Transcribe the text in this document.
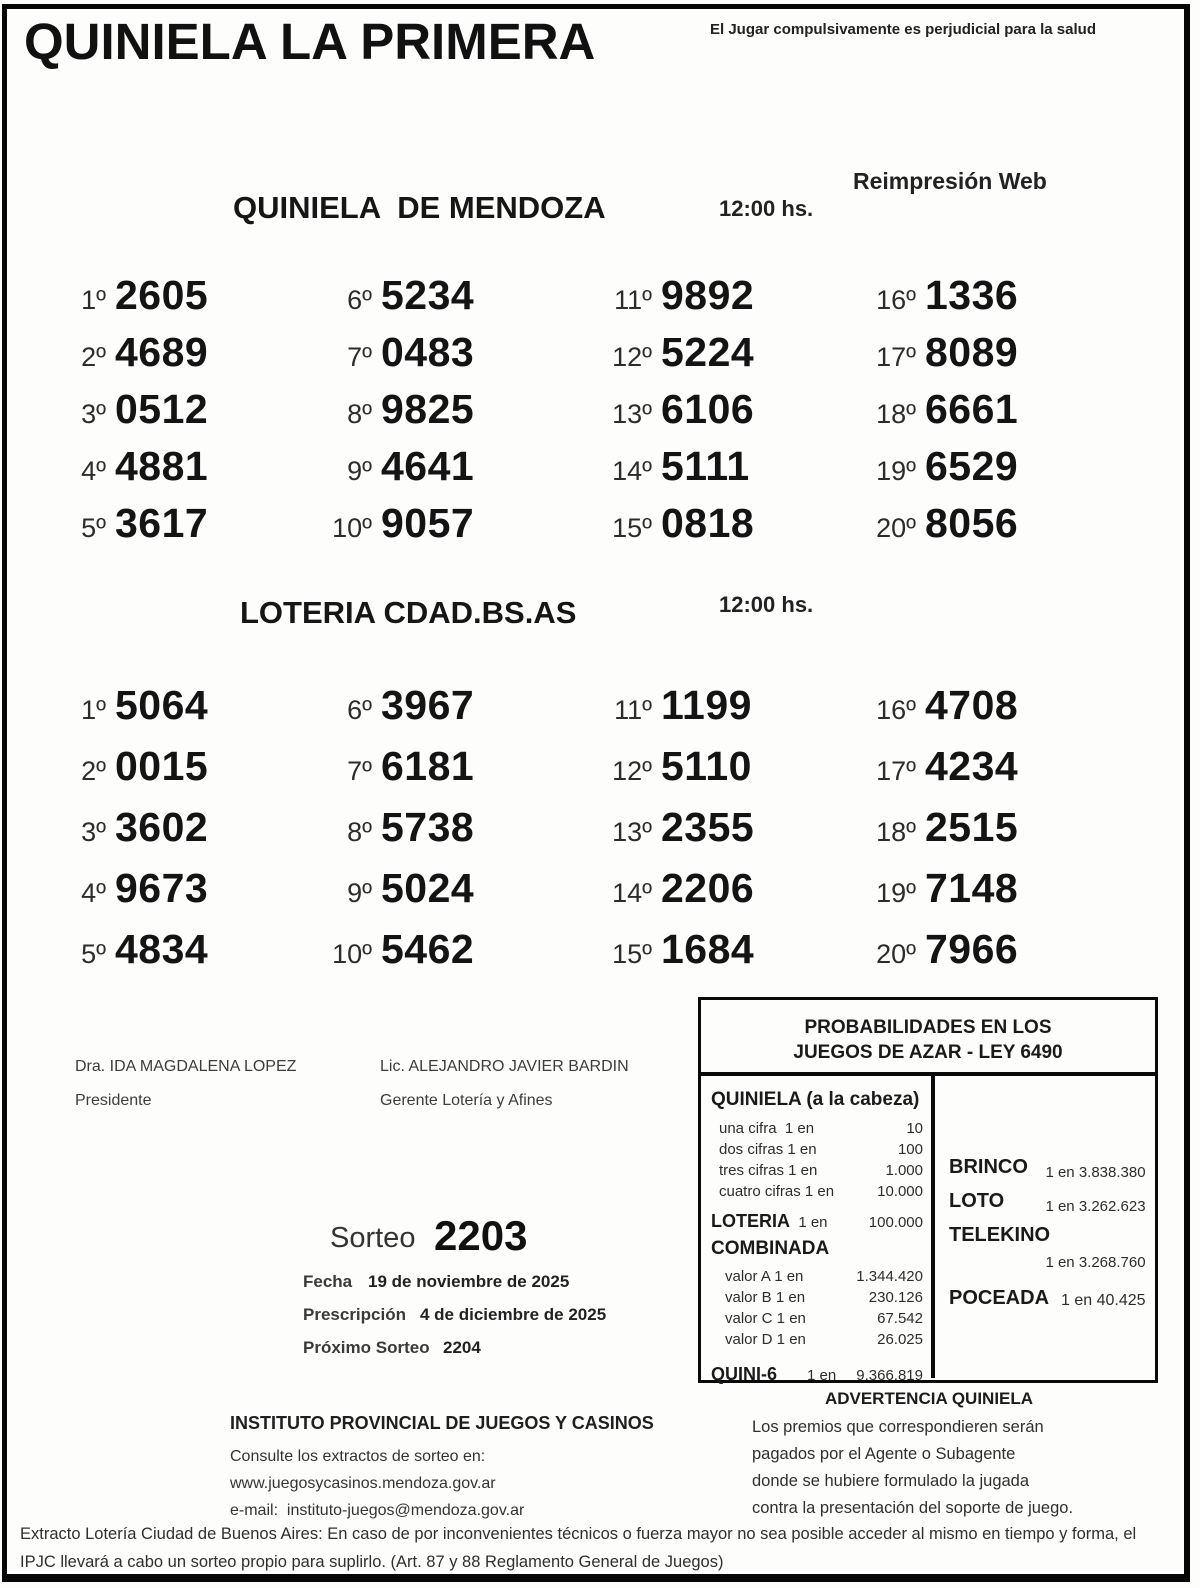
QUINIELA LA PRIMERA	El Jugar compulsivamente es perjudicial para la salud
Reimpresión Web
QUINIELA  DE MENDOZA	12:00 hs.
1º 2605
2º 4689
3º 0512
4º 4881
5º 3617
6º 5234
7º 0483
8º 9825
9º 4641
10º 9057
11º 9892
12º 5224
13º 6106
14º 5111
15º 0818
16º 1336
17º 8089
18º 6661
19º 6529
20º 8056
LOTERIA CDAD.BS.AS	12:00 hs.
1º 5064
2º 0015
3º 3602
4º 9673
5º 4834
6º 3967
7º 6181
8º 5738
9º 5024
10º 5462
11º 1199
12º 5110
13º 2355
14º 2206
15º 1684
16º 4708
17º 4234
18º 2515
19º 7148
20º 7966
Dra. IDA MAGDALENA LOPEZ
Presidente
Lic. ALEJANDRO JAVIER BARDIN
Gerente Lotería y Afines
Sorteo 2203
Fecha 19 de noviembre de 2025
Prescripción 4 de diciembre de 2025
Próximo Sorteo 2204
PROBABILIDADES EN LOS
JUEGOS DE AZAR - LEY 6490
QUINIELA (a la cabeza)
una cifra  1 en	10
dos cifras 1 en	100
tres cifras 1 en	1.000
cuatro cifras 1 en	10.000
LOTERIA 1 en	100.000
COMBINADA
valor A 1 en	1.344.420
valor B 1 en	230.126
valor C 1 en	67.542
valor D 1 en	26.025
QUINI-6 1 en 9.366.819
BRINCO 1 en 3.838.380
LOTO	1 en 3.262.623
TELEKINO
1 en 3.268.760
POCEADA 1 en 40.425
ADVERTENCIA QUINIELA
Los premios que correspondieren serán
pagados por el Agente o Subagente
donde se hubiere formulado la jugada
contra la presentación del soporte de juego.
INSTITUTO PROVINCIAL DE JUEGOS Y CASINOS
Consulte los extractos de sorteo en:
www.juegosycasinos.mendoza.gov.ar
e-mail:  instituto-juegos@mendoza.gov.ar
Extracto Lotería Ciudad de Buenos Aires: En caso de por inconvenientes técnicos o fuerza mayor no sea posible acceder al mismo en tiempo y forma, el IPJC llevará a cabo un sorteo propio para suplirlo. (Art. 87 y 88 Reglamento General de Juegos)
